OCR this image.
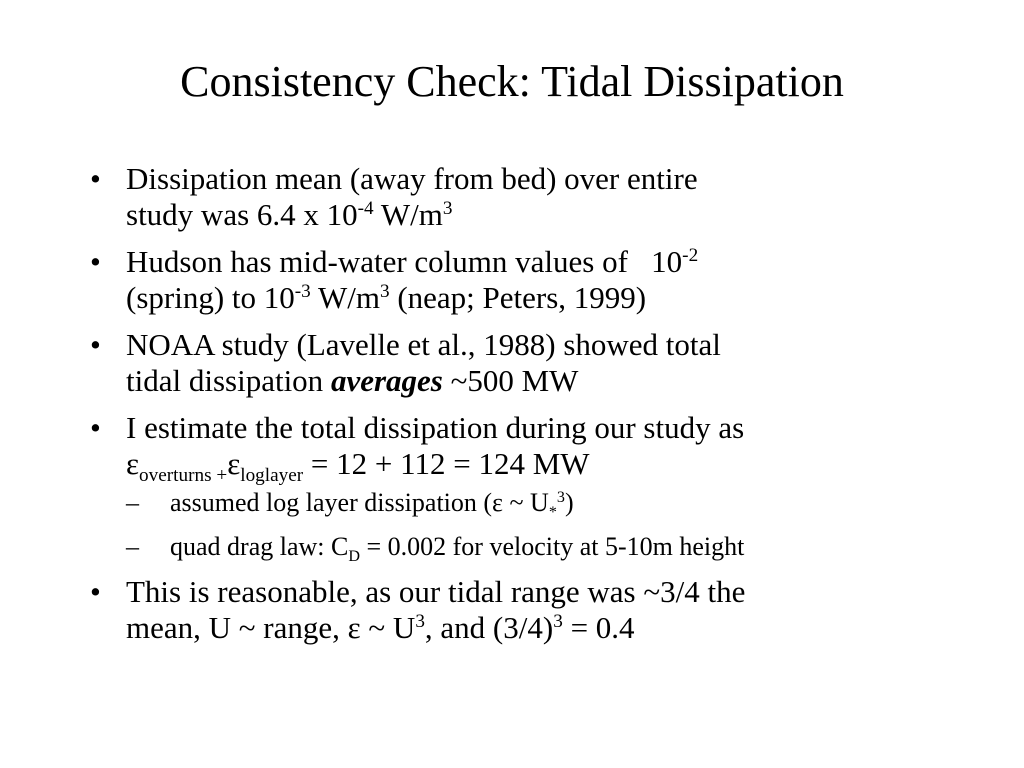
Consistency Check: Tidal Dissipation
• Dissipation mean (away from bed) over entire
study was 6.4 x $10^{-4}$ $W/m^3$
• Hudson has mid-water column values of   $10^{-2}$
(spring) to $10^{-3}$ $W/m^3$ (neap; Peters, 1999)
• NOAA study (Lavelle et al., 1988) showed total
tidal dissipation averages ~500 MW
• I estimate the total dissipation during our study as
$\varepsilon_{overturns +}\varepsilon_{loglayer} = 12 + 112 = 124$ MW
– assumed log layer dissipation (ε ~ $U_*^3$)
– quad drag law: $C_D = 0.002$ for velocity at 5-10m height
• This is reasonable, as our tidal range was ~3/4 the
mean, U ~ range, ε ~ $U^3$, and $(3/4)^3 = 0.4$
